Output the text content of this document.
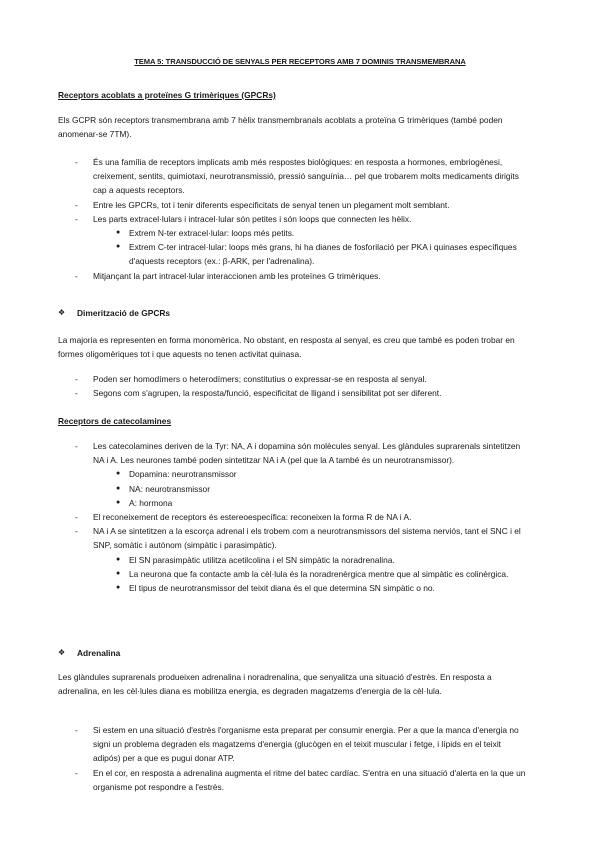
TEMA 5: TRANSDUCCIÓ DE SENYALS PER RECEPTORS AMB 7 DOMINIS TRANSMEMBRANA
Receptors acoblats a proteïnes G trimèriques (GPCRs)

Els GCPR són receptors transmembrana amb 7 hèlix transmembranals acoblats a proteïna G trimèriques (també poden anomenar-se 7TM).

- És una família de receptors implicats amb més respostes biològiques: en resposta a hormones, embriogènesi, creixement, sentits, quimiotaxi, neurotransmissió, pressió sanguínia… pel que trobarem molts medicaments dirigits cap a aquests receptors.
- Entre les GPCRs, tot i tenir diferents especificitats de senyal tenen un plegament molt semblant.
- Les parts extracel·lulars i intracel·lular són petites i són loops que connecten les hèlix.
● Extrem N-ter extracel·lular: loops més petits.
● Extrem C-ter intracel·lular: loops més grans, hi ha dianes de fosforilació per PKA i quinases específiques d'aquests receptors (ex.: β-ARK, per l'adrenalina).
- Mitjançant la part intracel·lular interaccionen amb les proteïnes G trimèriques.
❖ Dimerització de GPCRs

La majoria es representen en forma monomèrica. No obstant, en resposta al senyal, es creu que també es poden trobar en formes oligomèriques tot i que aquests no tenen activitat quinasa.

- Poden ser homodímers o heterodímers; constitutius o expressar-se en resposta al senyal.
- Segons com s'agrupen, la resposta/funció, especificitat de lligand i sensibilitat pot ser diferent.
Receptors de catecolamines
- Les catecolamines deriven de la Tyr: NA, A i dopamina són molècules senyal. Les glàndules suprarenals sintetitzen NA i A. Les neurones també poden sintetitzar NA i A (pel que la A també és un neurotransmissor).
● Dopamina: neurotransmissor
● NA: neurotransmissor
● A: hormona
- El reconeixement de receptors és estereoespecífica: reconeixen la forma R de NA i A.
- NA i A se sintetitzen a la escorça adrenal i els trobem com a neurotransmissors del sistema nerviós, tant el SNC i el SNP, somàtic i autònom (simpàtic i parasimpàtic).
● El SN parasimpàtic utilitza acetilcolina i el SN simpàtic la noradrenalina.
● La neurona que fa contacte amb la cèl·lula és la noradrenèrgica mentre que al simpàtic es colinèrgica.
● El tipus de neurotransmissor del teixit diana és el que determina SN simpàtic o no.
❖ Adrenalina

Les glàndules suprarenals produeixen adrenalina i noradrenalina, que senyalitza una situació d'estrès. En resposta a adrenalina, en les cèl·lules diana es mobilitza energia, es degraden magatzems d'energia de la cèl·lula.

- Si estem en una situació d'estrès l'organisme esta preparat per consumir energia. Per a que la manca d'energia no signi un problema degraden els magatzems d'energia (glucògen en el teixit muscular i fetge, i lípids en el teixit adipós) per a que es pugui donar ATP.
- En el cor, en resposta a adrenalina augmenta el ritme del batec cardíac. S'entra en una situació d'alerta en la que un organisme pot respondre a l'estrès.
